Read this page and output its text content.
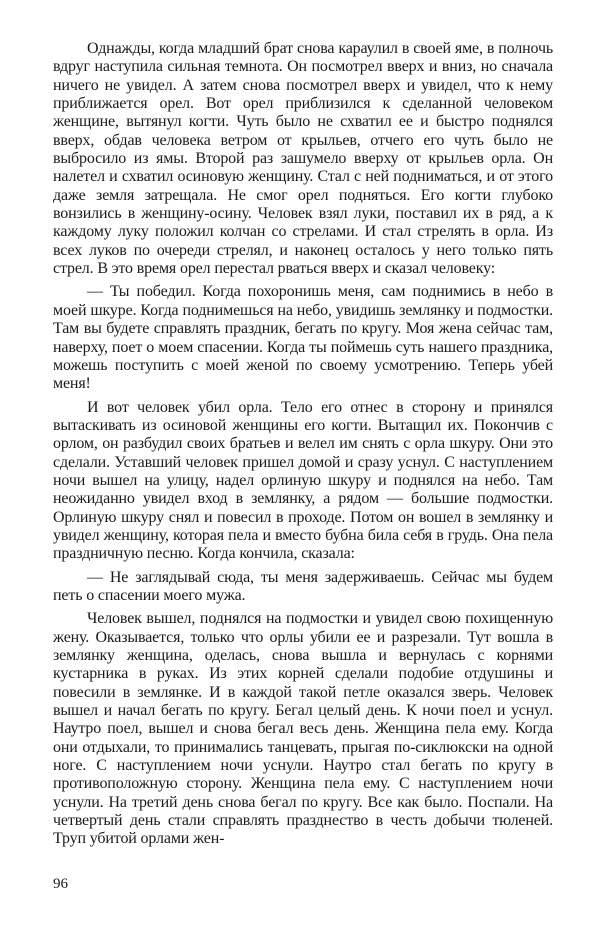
Однажды, когда младший брат снова караулил в своей яме, в полночь вдруг наступила сильная темнота. Он посмотрел вверх и вниз, но сначала ничего не увидел. А затем снова посмотрел вверх и увидел, что к нему приближается орел. Вот орел приблизился к сделанной человеком женщине, вытянул когти. Чуть было не схватил ее и быстро поднялся вверх, обдав человека ветром от крыльев, отчего его чуть было не выбросило из ямы. Второй раз зашумело вверху от крыльев орла. Он налетел и схватил осиновую женщину. Стал с ней подниматься, и от этого даже земля затрещала. Не смог орел подняться. Его когти глубоко вонзились в женщину-осину. Человек взял луки, поставил их в ряд, а к каждому луку положил колчан со стрелами. И стал стрелять в орла. Из всех луков по очереди стрелял, и наконец осталось у него только пять стрел. В это время орел перестал рваться вверх и сказал человеку:

— Ты победил. Когда похоронишь меня, сам поднимись в небо в моей шкуре. Когда поднимешься на небо, увидишь землянку и подмостки. Там вы будете справлять праздник, бегать по кругу. Моя жена сейчас там, наверху, поет о моем спасении. Когда ты поймешь суть нашего праздника, можешь поступить с моей женой по своему усмотрению. Теперь убей меня!

И вот человек убил орла. Тело его отнес в сторону и принялся вытаскивать из осиновой женщины его когти. Вытащил их. Покончив с орлом, он разбудил своих братьев и велел им снять с орла шкуру. Они это сделали. Уставший человек пришел домой и сразу уснул. С наступлением ночи вышел на улицу, надел орлиную шкуру и поднялся на небо. Там неожиданно увидел вход в землянку, а рядом — большие подмостки. Орлиную шкуру снял и повесил в проходе. Потом он вошел в землянку и увидел женщину, которая пела и вместо бубна била себя в грудь. Она пела праздничную песню. Когда кончила, сказала:

— Не заглядывай сюда, ты меня задерживаешь. Сейчас мы будем петь о спасении моего мужа.

Человек вышел, поднялся на подмостки и увидел свою похищенную жену. Оказывается, только что орлы убили ее и разрезали. Тут вошла в землянку женщина, оделась, снова вышла и вернулась с корнями кустарника в руках. Из этих корней сделали подобие отдушины и повесили в землянке. И в каждой такой петле оказался зверь. Человек вышел и начал бегать по кругу. Бегал целый день. К ночи поел и уснул. Наутро поел, вышел и снова бегал весь день. Женщина пела ему. Когда они отдыхали, то принимались танцевать, прыгая по-сиклюкски на одной ноге. С наступлением ночи уснули. Наутро стал бегать по кругу в противоположную сторону. Женщина пела ему. С наступлением ночи уснули. На третий день снова бегал по кругу. Все как было. Поспали. На четвертый день стали справлять празднество в честь добычи тюленей. Труп убитой орлами жен-

96
